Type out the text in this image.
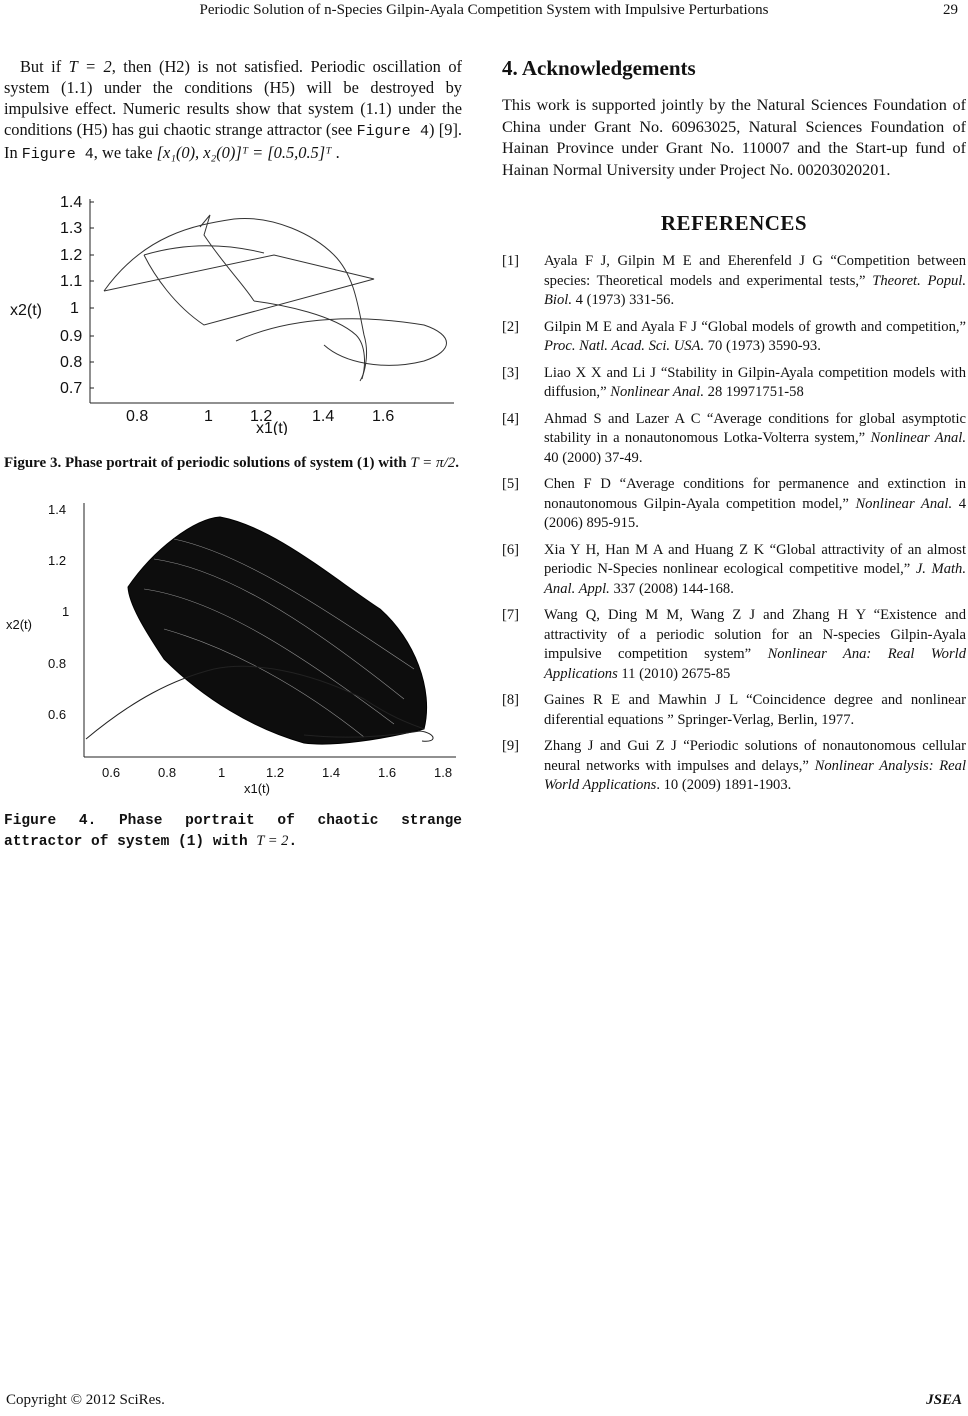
Periodic Solution of n-Species Gilpin-Ayala Competition System with Impulsive Perturbations	29

But if T = 2, then (H2) is not satisfied. Periodic oscillation of system (1.1) under the conditions (H5) will be destroyed by impulsive effect. Numeric results show that system (1.1) under the conditions (H5) has gui chaotic strange attractor (see Figure 4) [9]. In Figure 4, we take [x₁(0), x₂(0)]ᵀ = [0.5,0.5]ᵀ .

1.4
1.3
1.2
1.1
1
0.9
0.8
0.7
x2(t)
0.8	1 1.2 1.4 1.6
x1(t)
Figure 3. Phase portrait of periodic solutions of system (1) with T = π/2.
1.4
1.2
1
0.8
0.6
x2(t)
0.6	0.8	1	1.2	1.4	1.6	1.8
x1(t)
Figure 4. Phase portrait of chaotic strange attractor of system (1) with T = 2.
4. Acknowledgements

This work is supported jointly by the Natural Sciences Foundation of China under Grant No. 60963025, Natural Sciences Foundation of Hainan Province under Grant No. 110007 and the Start-up fund of Hainan Normal University under Project No. 00203020201.

REFERENCES
[1] Ayala F J, Gilpin M E and Eherenfeld J G “Competition between species: Theoretical models and experimental tests,” Theoret. Popul. Biol. 4 (1973) 331-56.
[2] Gilpin M E and Ayala F J “Global models of growth and competition,” Proc. Natl. Acad. Sci. USA. 70 (1973) 3590-93.
[3] Liao X X and Li J “Stability in Gilpin-Ayala competition models with diffusion,” Nonlinear Anal. 28 19971751-58
[4] Ahmad S and Lazer A C “Average conditions for global asymptotic stability in a nonautonomous Lotka-Volterra system,” Nonlinear Anal. 40 (2000) 37-49.
[5] Chen F D “Average conditions for permanence and extinction in nonautonomous Gilpin-Ayala competition model,” Nonlinear Anal. 4 (2006) 895-915.
[6] Xia Y H, Han M A and Huang Z K “Global attractivity of an almost periodic N-Species nonlinear ecological competitive model,” J. Math. Anal. Appl. 337 (2008) 144-168.
[7] Wang Q, Ding M M, Wang Z J and Zhang H Y “Existence and attractivity of a periodic solution for an N-species Gilpin-Ayala impulsive competition system” Nonlinear Ana: Real World Applications 11 (2010) 2675-85
[8] Gaines R E and Mawhin J L “Coincidence degree and nonlinear diferential equations ” Springer-Verlag, Berlin, 1977.
[9] Zhang J and Gui Z J “Periodic solutions of nonautonomous cellular neural networks with impulses and delays,” Nonlinear Analysis: Real World Applications. 10 (2009) 1891-1903.
Copyright © 2012 SciRes.	JSEA
